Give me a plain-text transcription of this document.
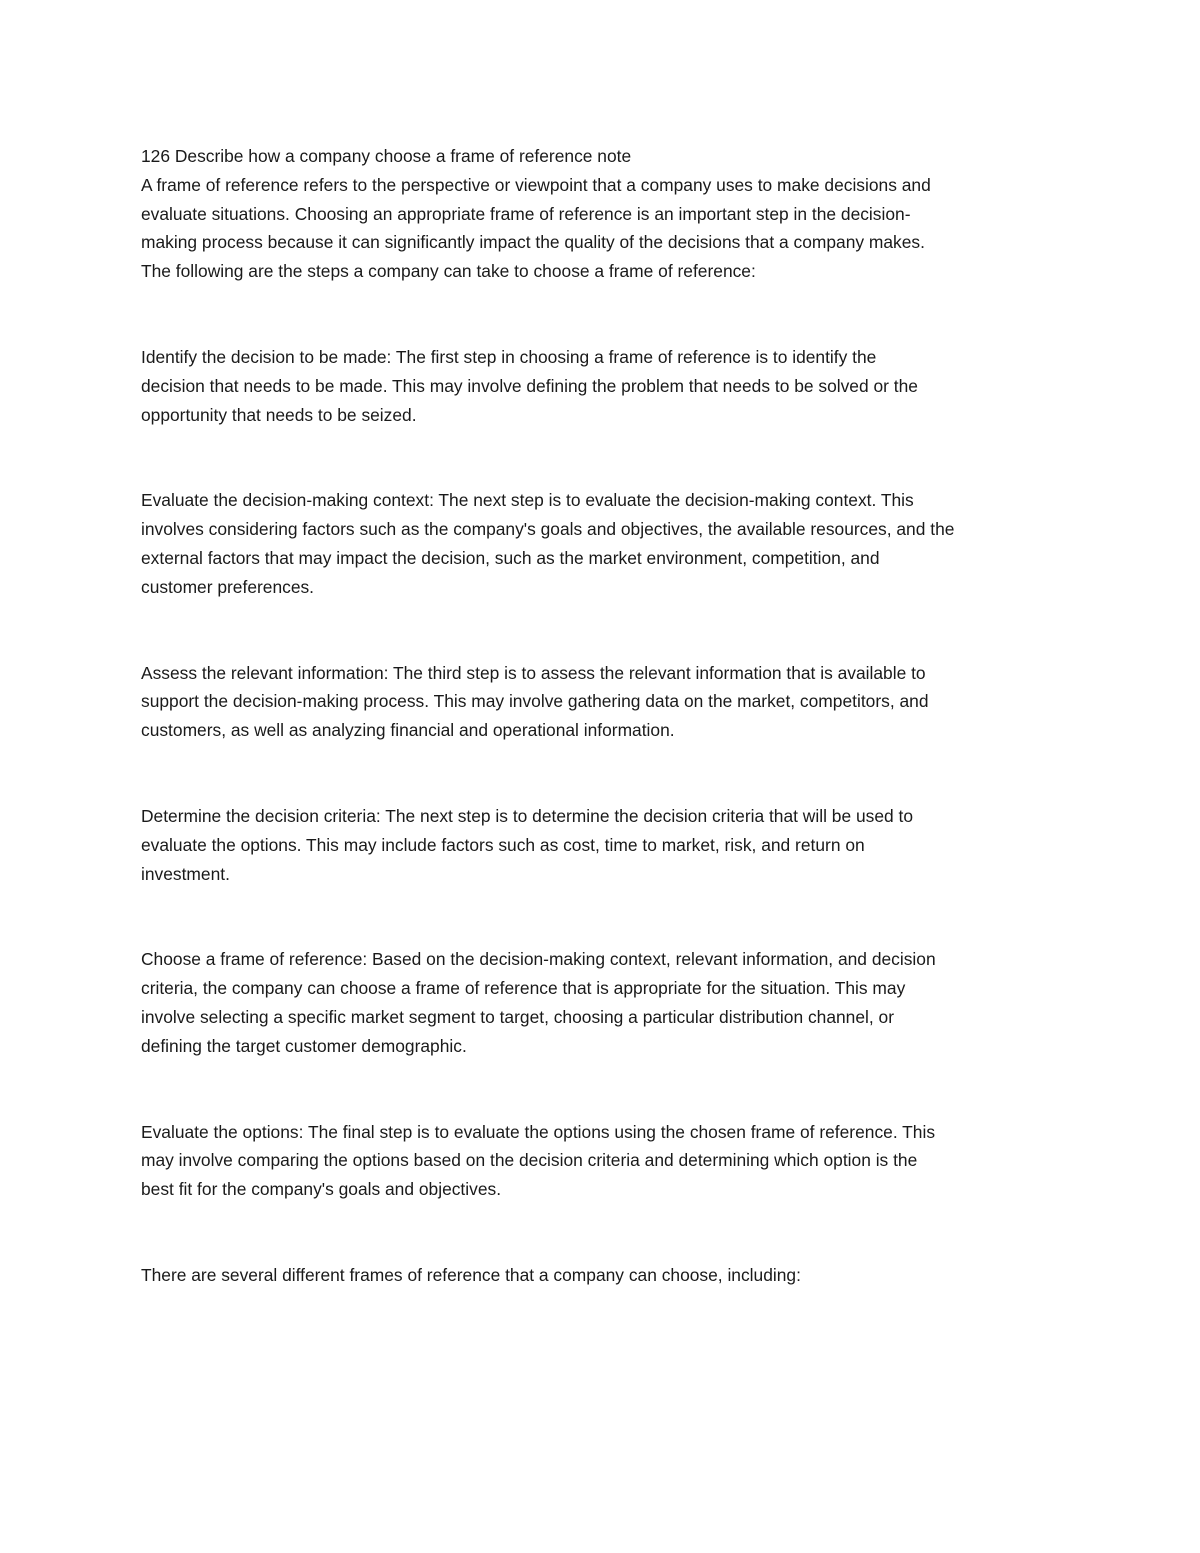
126 Describe how a company choose a frame of reference note

A frame of reference refers to the perspective or viewpoint that a company uses to make decisions and

evaluate situations. Choosing an appropriate frame of reference is an important step in the decision-

making process because it can significantly impact the quality of the decisions that a company makes.

The following are the steps a company can take to choose a frame of reference:

Identify the decision to be made: The first step in choosing a frame of reference is to identify the

decision that needs to be made. This may involve defining the problem that needs to be solved or the

opportunity that needs to be seized.

Evaluate the decision-making context: The next step is to evaluate the decision-making context. This

involves considering factors such as the company's goals and objectives, the available resources, and the

external factors that may impact the decision, such as the market environment, competition, and

customer preferences.

Assess the relevant information: The third step is to assess the relevant information that is available to

support the decision-making process. This may involve gathering data on the market, competitors, and

customers, as well as analyzing financial and operational information.

Determine the decision criteria: The next step is to determine the decision criteria that will be used to

evaluate the options. This may include factors such as cost, time to market, risk, and return on

investment.

Choose a frame of reference: Based on the decision-making context, relevant information, and decision

criteria, the company can choose a frame of reference that is appropriate for the situation. This may

involve selecting a specific market segment to target, choosing a particular distribution channel, or

defining the target customer demographic.

Evaluate the options: The final step is to evaluate the options using the chosen frame of reference. This

may involve comparing the options based on the decision criteria and determining which option is the

best fit for the company's goals and objectives.

There are several different frames of reference that a company can choose, including:
